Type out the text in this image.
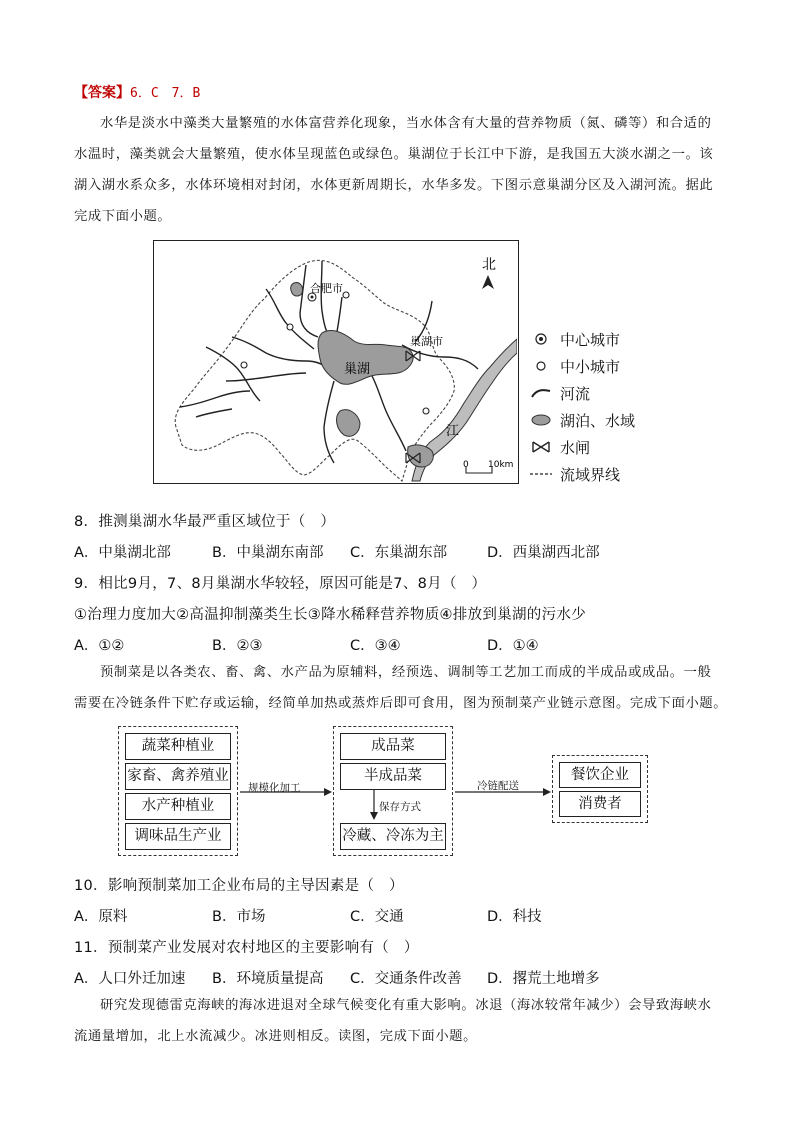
【答案】6．C　7．B
水华是淡水中藻类大量繁殖的水体富营养化现象，当水体含有大量的营养物质（氮、磷等）和合适的
水温时，藻类就会大量繁殖，使水体呈现蓝色或绿色。巢湖位于长江中下游，是我国五大淡水湖之一。该
湖入湖水系众多，水体环境相对封闭，水体更新周期长，水华多发。下图示意巢湖分区及入湖河流。据此
完成下面小题。
合肥市
巢湖市
巢湖
江
北
0 10km
中心城市
中小城市
河流
湖泊、水域
水闸
流域界线
8．推测巢湖水华最严重区域位于（　）
A．中巢湖北部	B．中巢湖东南部 C．东巢湖东部	D．西巢湖西北部
9．相比9月，7、8月巢湖水华较轻，原因可能是7、8月（　）
①治理力度加大②高温抑制藻类生长③降水稀释营养物质④排放到巢湖的污水少
A．①②	B．②③	C．③④	D．①④
预制菜是以各类农、畜、禽、水产品为原辅料，经预选、调制等工艺加工而成的半成品或成品。一般
需要在冷链条件下贮存或运输，经简单加热或蒸炸后即可食用，图为预制菜产业链示意图。完成下面小题。
蔬菜种植业
家畜、禽养殖业
水产种植业
调味品生产业
规模化加工
成品菜
半成品菜
冷藏、冷冻为主
保存方式
冷链配送
餐饮企业
消费者
10．影响预制菜加工企业布局的主导因素是（　）
A．原料	B．市场	C．交通	D．科技
11．预制菜产业发展对农村地区的主要影响有（　）
A．人口外迁加速 B．环境质量提高 C．交通条件改善 D．撂荒土地增多
研究发现德雷克海峡的海冰进退对全球气候变化有重大影响。冰退（海冰较常年减少）会导致海峡水
流通量增加，北上水流减少。冰进则相反。读图，完成下面小题。
